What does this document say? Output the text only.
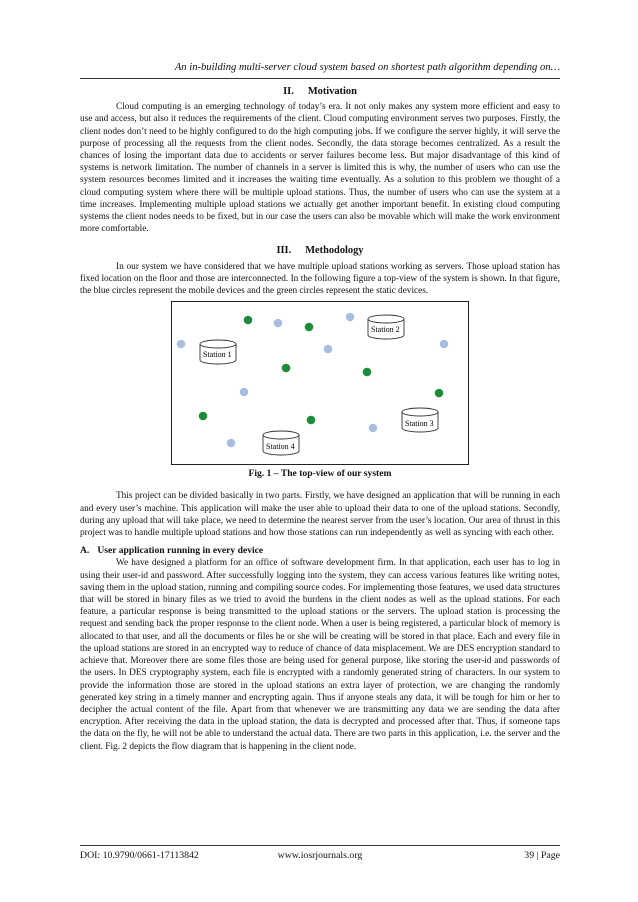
An in-building multi-server cloud system based on shortest path algorithm depending on…
II. Motivation

Cloud computing is an emerging technology of today’s era. It not only makes any system more efficient and easy to use and access, but also it reduces the requirements of the client. Cloud computing environment serves two purposes. Firstly, the client nodes don’t need to be highly configured to do the high computing jobs. If we configure the server highly, it will serve the purpose of processing all the requests from the client nodes. Secondly, the data storage becomes centralized. As a result the chances of losing the important data due to accidents or server failures become less. But major disadvantage of this kind of systems is network limitation. The number of channels in a server is limited this is why, the number of users who can use the system resources becomes limited and it increases the waiting time eventually. As a solution to this problem we thought of a cloud computing system where there will be multiple upload stations. Thus, the number of users who can use the system at a time increases. Implementing multiple upload stations we actually get another important benefit. In existing cloud computing systems the client nodes needs to be fixed, but in our case the users can also be movable which will make the work environment more comfortable.

III. Methodology

In our system we have considered that we have multiple upload stations working as servers. Those upload station has fixed location on the floor and those are interconnected. In the following figure a top-view of the system is shown. In that figure, the blue circles represent the mobile devices and the green circles represent the static devices.

Station 1
Station 2
Station 3
Station 4
Fig. 1 – The top-view of our system

This project can be divided basically in two parts. Firstly, we have designed an application that will be running in each and every user’s machine. This application will make the user able to upload their data to one of the upload stations. Secondly, during any upload that will take place, we need to determine the nearest server from the user’s location. Our area of thrust in this project was to handle multiple upload stations and how those stations can run independently as well as syncing with each other.

A. User application running in every device

We have designed a platform for an office of software development firm. In that application, each user has to log in using their user-id and password. After successfully logging into the system, they can access various features like writing notes, saving them in the upload station, running and compiling source codes. For implementing those features, we used data structures that will be stored in binary files as we tried to avoid the burdens in the client nodes as well as the upload stations. For each feature, a particular response is being transmitted to the upload stations or the servers. The upload station is processing the request and sending back the proper response to the client node. When a user is being registered, a particular block of memory is allocated to that user, and all the documents or files he or she will be creating will be stored in that place. Each and every file in the upload stations are stored in an encrypted way to reduce of chance of data misplacement. We are DES encryption standard to achieve that. Moreover there are some files those are being used for general purpose, like storing the user-id and passwords of the users. In DES cryptography system, each file is encrypted with a randomly generated string of characters. In our system to provide the information those are stored in the upload stations an extra layer of protection, we are changing the randomly generated key string in a timely manner and encrypting again. Thus if anyone steals any data, it will be tough for him or her to decipher the actual content of the file. Apart from that whenever we are transmitting any data we are sending the data after encryption. After receiving the data in the upload station, the data is decrypted and processed after that. Thus, if someone taps the data on the fly, he will not be able to understand the actual data. There are two parts in this application, i.e. the server and the client. Fig. 2 depicts the flow diagram that is happening in the client node.

DOI: 10.9790/0661-17113842	www.iosrjournals.org	39 | Page
